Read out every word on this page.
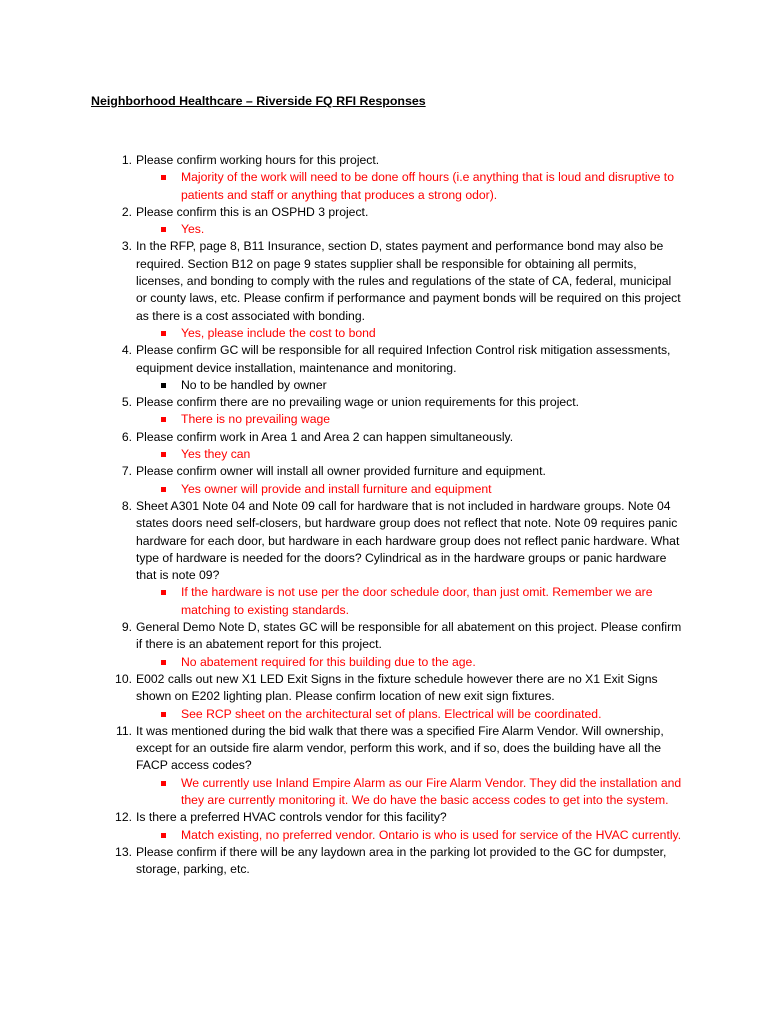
Neighborhood Healthcare – Riverside FQ RFI Responses
1. Please confirm working hours for this project.
Majority of the work will need to be done off hours (i.e anything that is loud and disruptive to patients and staff or anything that produces a strong odor).
2. Please confirm this is an OSPHD 3 project.
Yes.
3. In the RFP, page 8, B11 Insurance, section D, states payment and performance bond may also be required. Section B12 on page 9 states supplier shall be responsible for obtaining all permits, licenses, and bonding to comply with the rules and regulations of the state of CA, federal, municipal or county laws, etc. Please confirm if performance and payment bonds will be required on this project as there is a cost associated with bonding.
Yes, please include the cost to bond
4. Please confirm GC will be responsible for all required Infection Control risk mitigation assessments, equipment device installation, maintenance and monitoring.
No to be handled by owner
5. Please confirm there are no prevailing wage or union requirements for this project.
There is no prevailing wage
6. Please confirm work in Area 1 and Area 2 can happen simultaneously.
Yes they can
7. Please confirm owner will install all owner provided furniture and equipment.
Yes owner will provide and install furniture and equipment
8. Sheet A301 Note 04 and Note 09 call for hardware that is not included in hardware groups. Note 04 states doors need self-closers, but hardware group does not reflect that note. Note 09 requires panic hardware for each door, but hardware in each hardware group does not reflect panic hardware. What type of hardware is needed for the doors? Cylindrical as in the hardware groups or panic hardware that is note 09?
If the hardware is not use per the door schedule door, than just omit. Remember we are matching to existing standards.
9. General Demo Note D, states GC will be responsible for all abatement on this project. Please confirm if there is an abatement report for this project.
No abatement required for this building due to the age.
10. E002 calls out new X1 LED Exit Signs in the fixture schedule however there are no X1 Exit Signs shown on E202 lighting plan. Please confirm location of new exit sign fixtures.
See RCP sheet on the architectural set of plans. Electrical will be coordinated.
11. It was mentioned during the bid walk that there was a specified Fire Alarm Vendor. Will ownership, except for an outside fire alarm vendor, perform this work, and if so, does the building have all the FACP access codes?
We currently use Inland Empire Alarm as our Fire Alarm Vendor. They did the installation and they are currently monitoring it. We do have the basic access codes to get into the system.
12. Is there a preferred HVAC controls vendor for this facility?
Match existing, no preferred vendor. Ontario is who is used for service of the HVAC currently.
13. Please confirm if there will be any laydown area in the parking lot provided to the GC for dumpster, storage, parking, etc.
